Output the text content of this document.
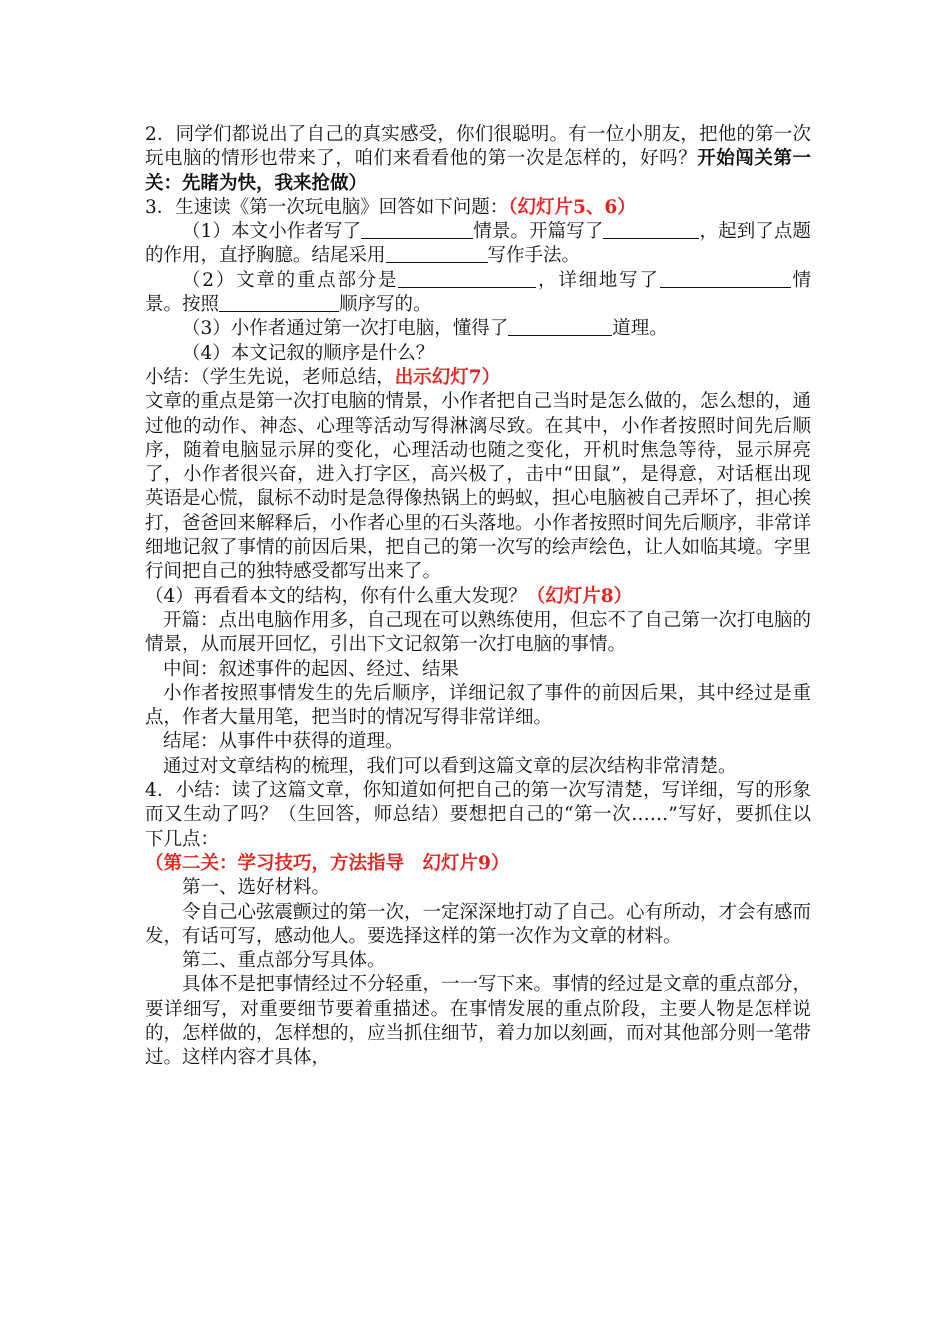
2．同学们都说出了自己的真实感受，你们很聪明。有一位小朋友，把他的第一次玩电脑的情形也带来了，咱们来看看他的第一次是怎样的，好吗？开始闯关第一关：先睹为快，我来抢做）

3．生速读《第一次玩电脑》回答如下问题：（幻灯片5、6）

（1）本文小作者写了	情景。开篇写了	，起到了点题的作用，直抒胸臆。结尾采用	写作手法。

（2）文章的重点部分是	，详细地写了	情景。按照	顺序写的。

（3）小作者通过第一次打电脑，懂得了	道理。

（4）本文记叙的顺序是什么？

小结：（学生先说，老师总结，出示幻灯7）

文章的重点是第一次打电脑的情景，小作者把自己当时是怎么做的，怎么想的，通过他的动作、神态、心理等活动写得淋漓尽致。在其中，小作者按照时间先后顺序，随着电脑显示屏的变化，心理活动也随之变化，开机时焦急等待，显示屏亮了，小作者很兴奋，进入打字区，高兴极了，击中“田鼠”，是得意，对话框出现英语是心慌，鼠标不动时是急得像热锅上的蚂蚁，担心电脑被自己弄坏了，担心挨打，爸爸回来解释后，小作者心里的石头落地。小作者按照时间先后顺序，非常详细地记叙了事情的前因后果，把自己的第一次写的绘声绘色，让人如临其境。字里行间把自己的独特感受都写出来了。

（4）再看看本文的结构，你有什么重大发现？（幻灯片8）

开篇：点出电脑作用多，自己现在可以熟练使用，但忘不了自己第一次打电脑的情景，从而展开回忆，引出下文记叙第一次打电脑的事情。

中间：叙述事件的起因、经过、结果

小作者按照事情发生的先后顺序，详细记叙了事件的前因后果，其中经过是重点，作者大量用笔，把当时的情况写得非常详细。

结尾：从事件中获得的道理。

通过对文章结构的梳理，我们可以看到这篇文章的层次结构非常清楚。

4．小结：读了这篇文章，你知道如何把自己的第一次写清楚，写详细，写的形象而又生动了吗？（生回答，师总结）要想把自己的“第一次……”写好，要抓住以下几点：

（第二关：学习技巧，方法指导　幻灯片9）

第一、选好材料。

令自己心弦震颤过的第一次，一定深深地打动了自己。心有所动，才会有感而发，有话可写，感动他人。要选择这样的第一次作为文章的材料。

第二、重点部分写具体。

具体不是把事情经过不分轻重，一一写下来。事情的经过是文章的重点部分，要详细写，对重要细节要着重描述。在事情发展的重点阶段，主要人物是怎样说的，怎样做的，怎样想的，应当抓住细节，着力加以刻画，而对其他部分则一笔带过。这样内容才具体，
